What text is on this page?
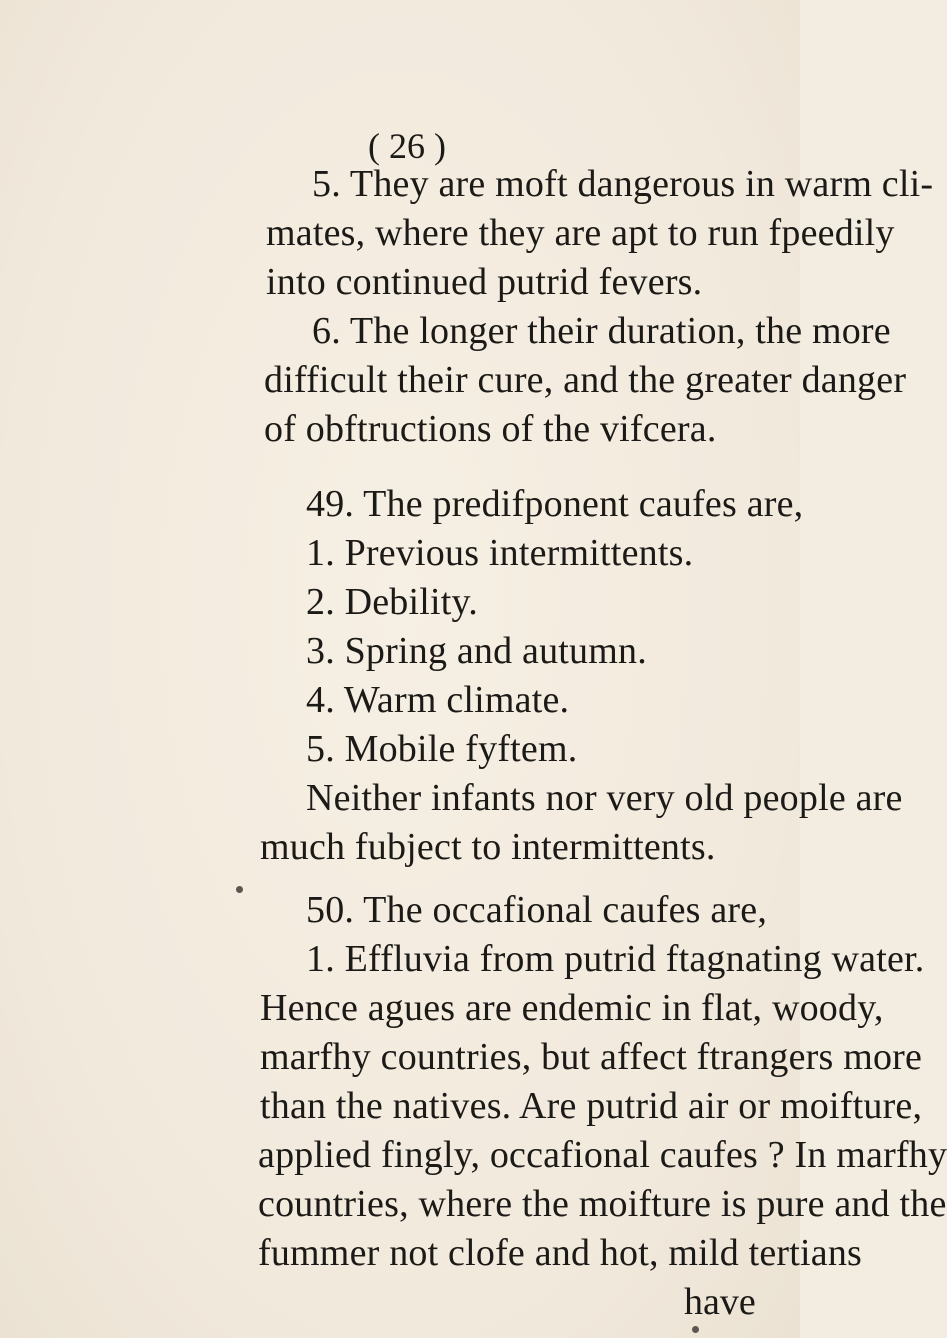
( 26 )
5. They are moft dangerous in warm cli-
mates, where they are apt to run fpeedily
into continued putrid fevers.
6. The longer their duration, the more
difficult their cure, and the greater danger
of obftructions of the vifcera.
49. The predifponent caufes are,
1. Previous intermittents.
2. Debility.
3. Spring and autumn.
4. Warm climate.
5. Mobile fyftem.
Neither infants nor very old people are
much fubject to intermittents.
50. The occafional caufes are,
1. Effluvia from putrid ftagnating water.
Hence agues are endemic in flat, woody,
marfhy countries, but affect ftrangers more
than the natives. Are putrid air or moifture,
applied fingly, occafional caufes ? In marfhy
countries, where the moifture is pure and the
fummer not clofe and hot, mild tertians
have
